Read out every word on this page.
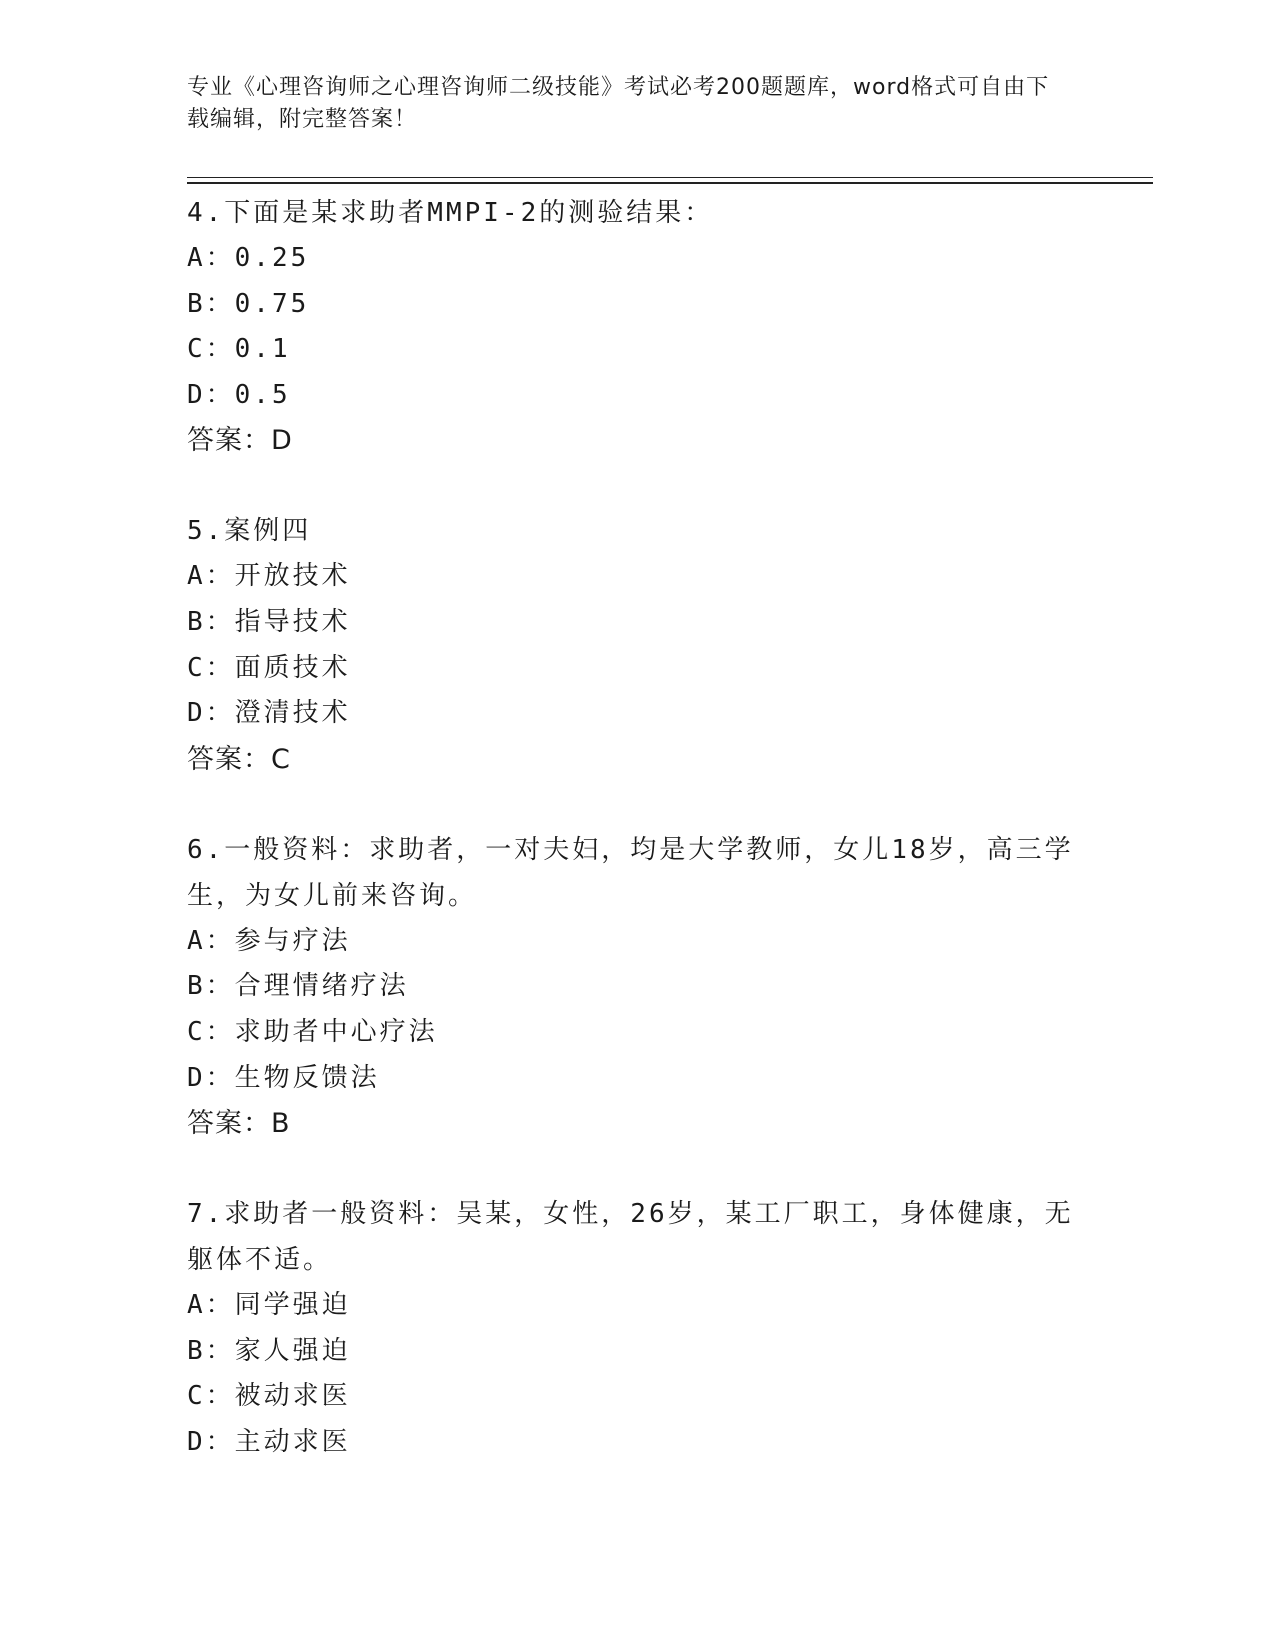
专业《心理咨询师之心理咨询师二级技能》考试必考200题题库，word格式可自由下载编辑，附完整答案！
4.下面是某求助者MMPI-2的测验结果：
A：0.25
B：0.75
C：0.1
D：0.5
答案：D
5.案例四
A：开放技术
B：指导技术
C：面质技术
D：澄清技术
答案：C
6.一般资料：求助者，一对夫妇，均是大学教师，女儿18岁，高三学生，为女儿前来咨询。
A：参与疗法
B：合理情绪疗法
C：求助者中心疗法
D：生物反馈法
答案：B
7.求助者一般资料：吴某，女性，26岁，某工厂职工，身体健康，无躯体不适。
A：同学强迫
B：家人强迫
C：被动求医
D：主动求医
